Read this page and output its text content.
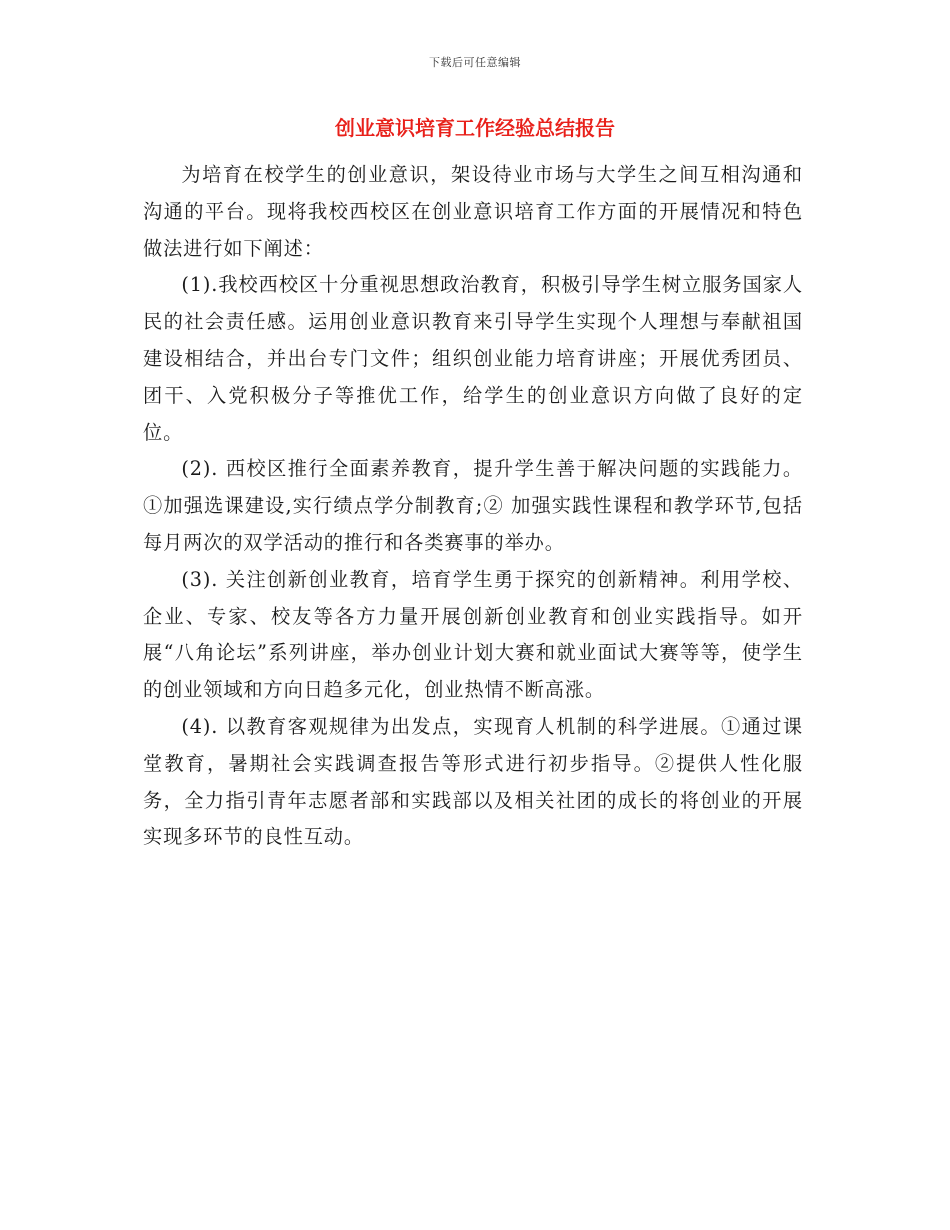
下载后可任意编辑
创业意识培育工作经验总结报告

为培育在校学生的创业意识，架设待业市场与大学生之间互相沟通和沟通的平台。现将我校西校区在创业意识培育工作方面的开展情况和特色做法进行如下阐述：

(1).我校西校区十分重视思想政治教育，积极引导学生树立服务国家人民的社会责任感。运用创业意识教育来引导学生实现个人理想与奉献祖国建设相结合，并出台专门文件；组织创业能力培育讲座；开展优秀团员、团干、入党积极分子等推优工作，给学生的创业意识方向做了良好的定位。

(2). 西校区推行全面素养教育，提升学生善于解决问题的实践能力。①加强选课建设,实行绩点学分制教育;② 加强实践性课程和教学环节,包括每月两次的双学活动的推行和各类赛事的举办。

(3). 关注创新创业教育，培育学生勇于探究的创新精神。利用学校、企业、专家、校友等各方力量开展创新创业教育和创业实践指导。如开展“八角论坛”系列讲座，举办创业计划大赛和就业面试大赛等等，使学生的创业领域和方向日趋多元化，创业热情不断高涨。

(4). 以教育客观规律为出发点，实现育人机制的科学进展。①通过课堂教育，暑期社会实践调查报告等形式进行初步指导。②提供人性化服务，全力指引青年志愿者部和实践部以及相关社团的成长的将创业的开展实现多环节的良性互动。
